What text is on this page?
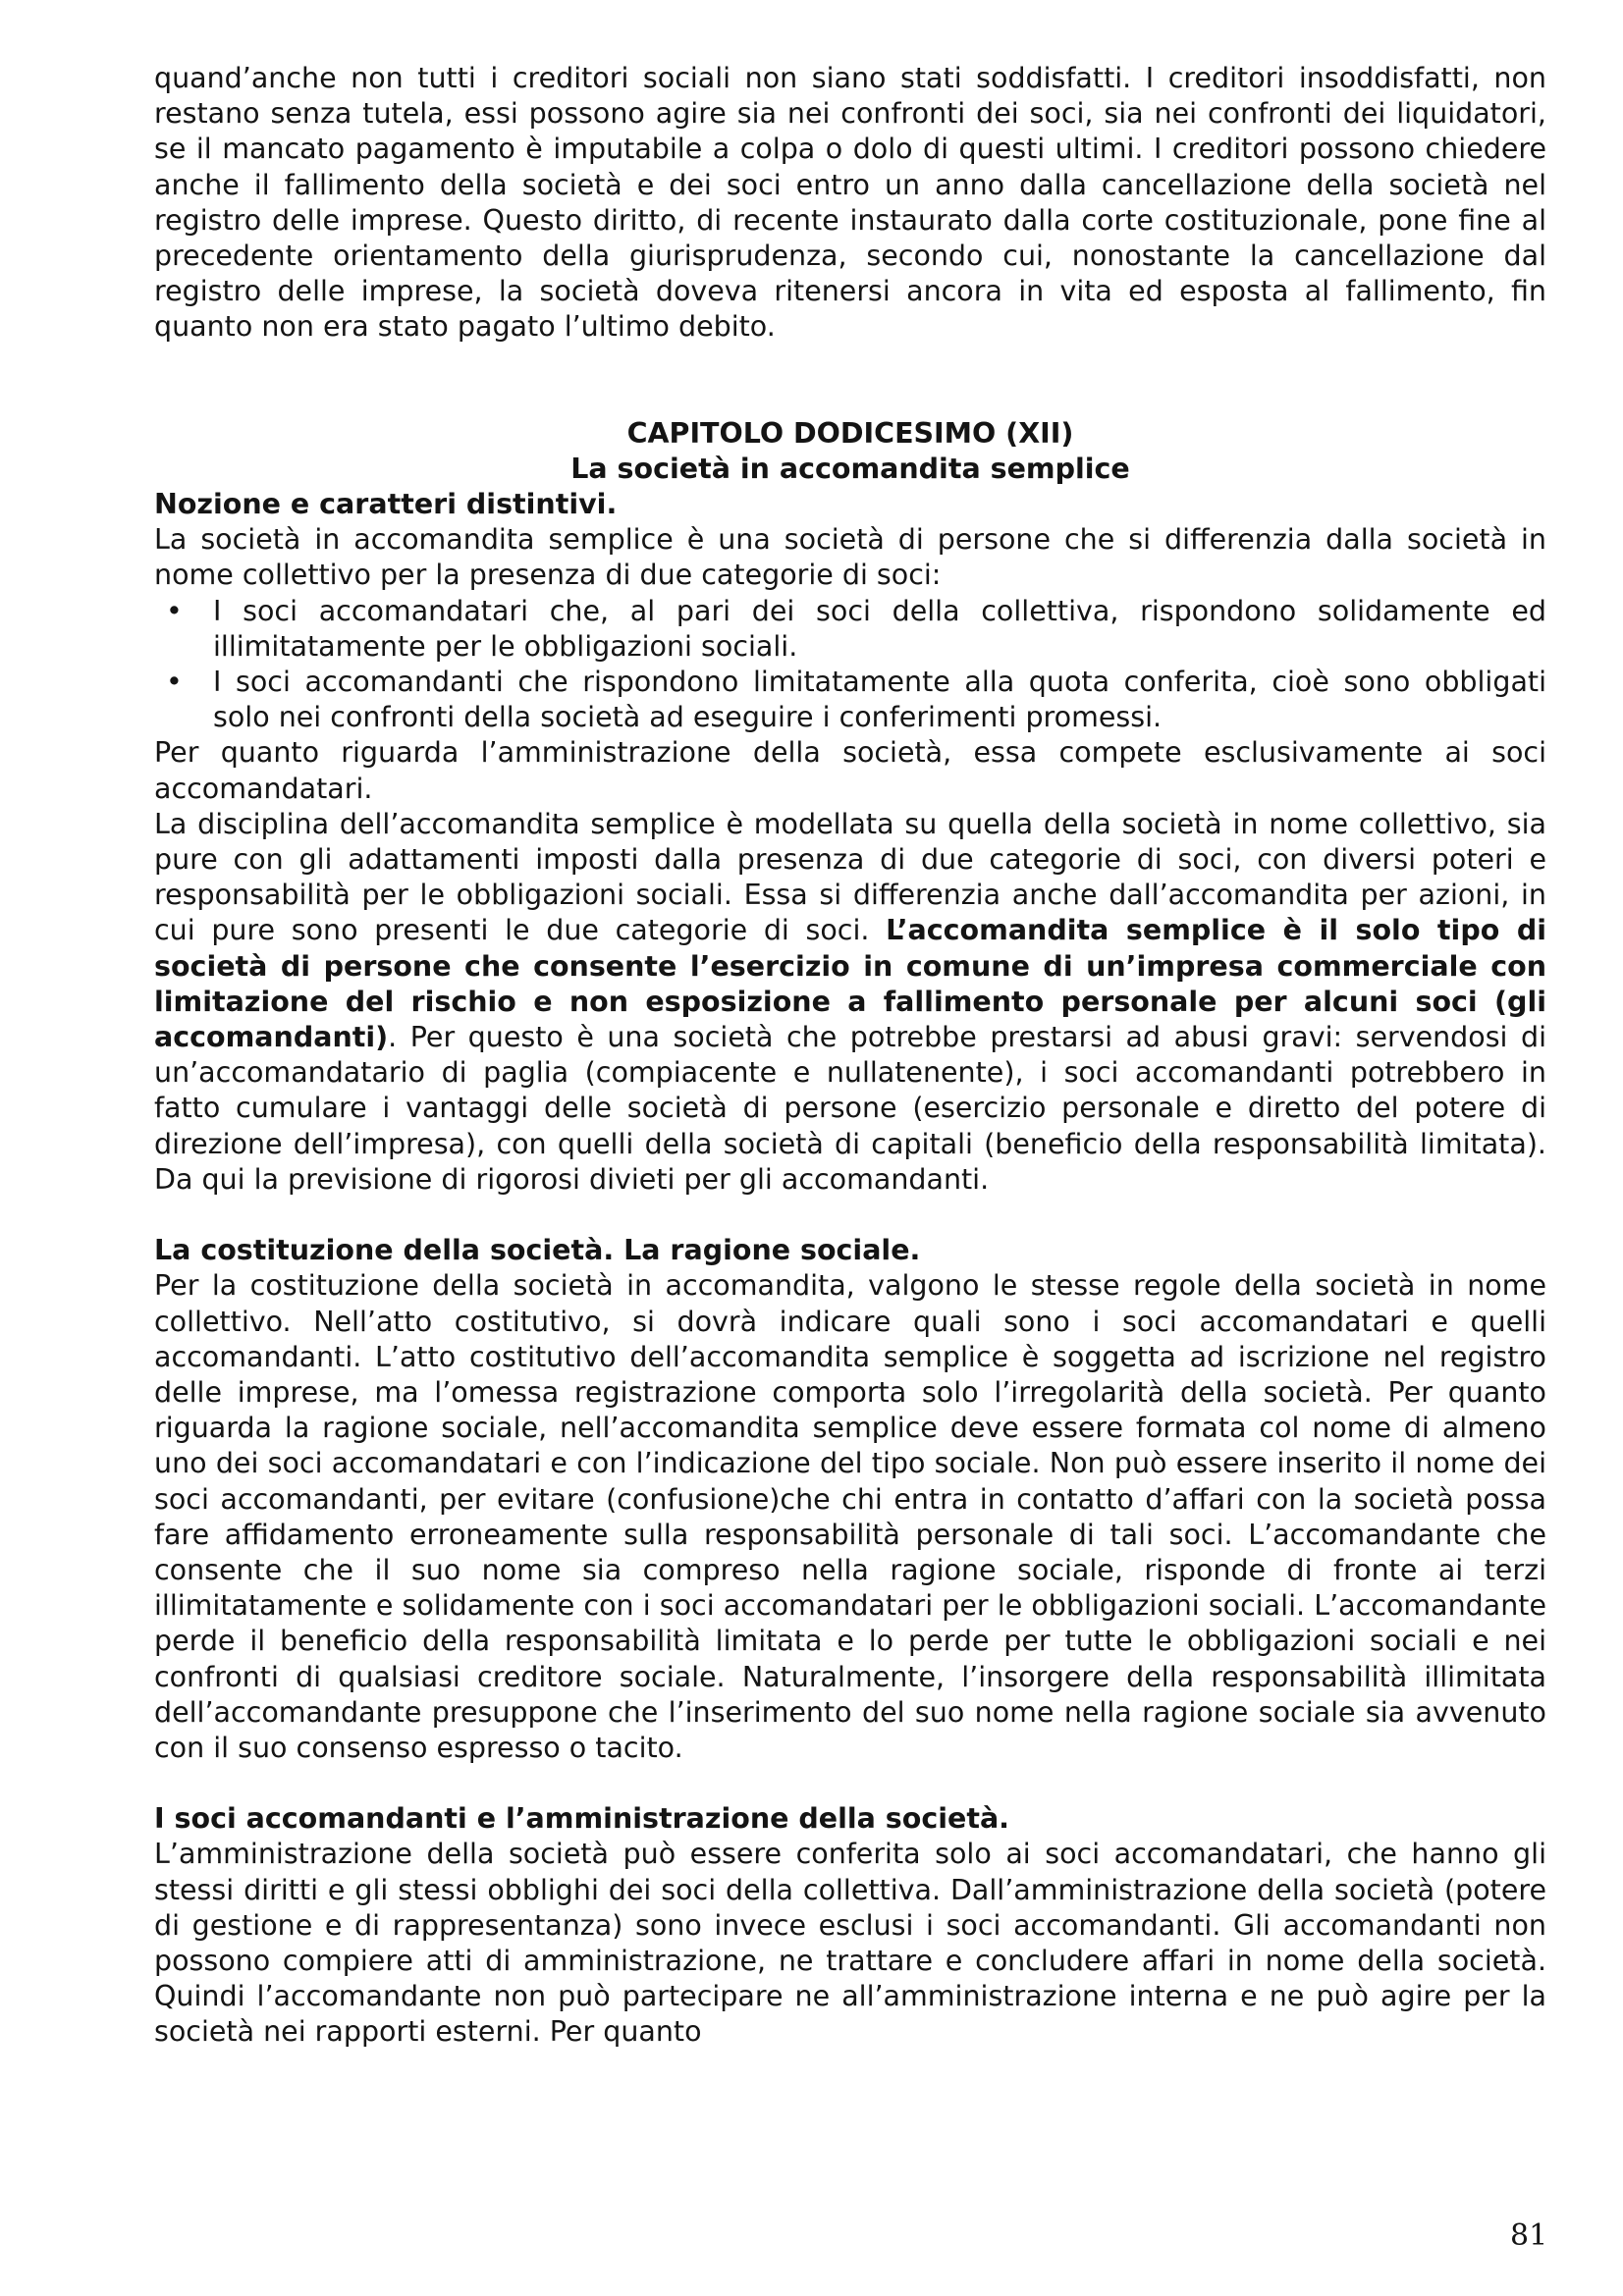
quand’anche non tutti i creditori sociali non siano stati soddisfatti. I creditori insoddisfatti, non restano senza tutela, essi possono agire sia nei confronti dei soci, sia nei confronti dei liquidatori, se il mancato pagamento è imputabile a colpa o dolo di questi ultimi. I creditori possono chiedere anche il fallimento della società e dei soci entro un anno dalla cancellazione della società nel registro delle imprese. Questo diritto, di recente instaurato dalla corte costituzionale, pone fine al precedente orientamento della giurisprudenza, secondo cui, nonostante la cancellazione dal registro delle imprese, la società doveva ritenersi ancora in vita ed esposta al fallimento, fin quanto non era stato pagato l’ultimo debito.

CAPITOLO DODICESIMO (XII)

La società in accomandita semplice

Nozione e caratteri distintivi.

La società in accomandita semplice è una società di persone che si differenzia dalla società in nome collettivo per la presenza di due categorie di soci:

• I soci accomandatari che, al pari dei soci della collettiva, rispondono solidamente ed illimitatamente per le obbligazioni sociali.
• I soci accomandanti che rispondono limitatamente alla quota conferita, cioè sono obbligati solo nei confronti della società ad eseguire i conferimenti promessi.

Per quanto riguarda l’amministrazione della società, essa compete esclusivamente ai soci accomandatari.

La disciplina dell’accomandita semplice è modellata su quella della società in nome collettivo, sia pure con gli adattamenti imposti dalla presenza di due categorie di soci, con diversi poteri e responsabilità per le obbligazioni sociali. Essa si differenzia anche dall’accomandita per azioni, in cui pure sono presenti le due categorie di soci. L’accomandita semplice è il solo tipo di società di persone che consente l’esercizio in comune di un’impresa commerciale con limitazione del rischio e non esposizione a fallimento personale per alcuni soci (gli accomandanti). Per questo è una società che potrebbe prestarsi ad abusi gravi: servendosi di un’accomandatario di paglia (compiacente e nullatenente), i soci accomandanti potrebbero in fatto cumulare i vantaggi delle società di persone (esercizio personale e diretto del potere di direzione dell’impresa), con quelli della società di capitali (beneficio della responsabilità limitata). Da qui la previsione di rigorosi divieti per gli accomandanti.

La costituzione della società. La ragione sociale.

Per la costituzione della società in accomandita, valgono le stesse regole della società in nome collettivo. Nell’atto costitutivo, si dovrà indicare quali sono i soci accomandatari e quelli accomandanti. L’atto costitutivo dell’accomandita semplice è soggetta ad iscrizione nel registro delle imprese, ma l’omessa registrazione comporta solo l’irregolarità della società. Per quanto riguarda la ragione sociale, nell’accomandita semplice deve essere formata col nome di almeno uno dei soci accomandatari e con l’indicazione del tipo sociale. Non può essere inserito il nome dei soci accomandanti, per evitare (confusione)che chi entra in contatto d’affari con la società possa fare affidamento erroneamente sulla responsabilità personale di tali soci. L’accomandante che consente che il suo nome sia compreso nella ragione sociale, risponde di fronte ai terzi illimitatamente e solidamente con i soci accomandatari per le obbligazioni sociali. L’accomandante perde il beneficio della responsabilità limitata e lo perde per tutte le obbligazioni sociali e nei confronti di qualsiasi creditore sociale. Naturalmente, l’insorgere della responsabilità illimitata dell’accomandante presuppone che l’inserimento del suo nome nella ragione sociale sia avvenuto con il suo consenso espresso o tacito.

I soci accomandanti e l’amministrazione della società.

L’amministrazione della società può essere conferita solo ai soci accomandatari, che hanno gli stessi diritti e gli stessi obblighi dei soci della collettiva. Dall’amministrazione della società (potere di gestione e di rappresentanza) sono invece esclusi i soci accomandanti. Gli accomandanti non possono compiere atti di amministrazione, ne trattare e concludere affari in nome della società. Quindi l’accomandante non può partecipare ne all’amministrazione interna e ne può agire per la società nei rapporti esterni. Per quanto

81
